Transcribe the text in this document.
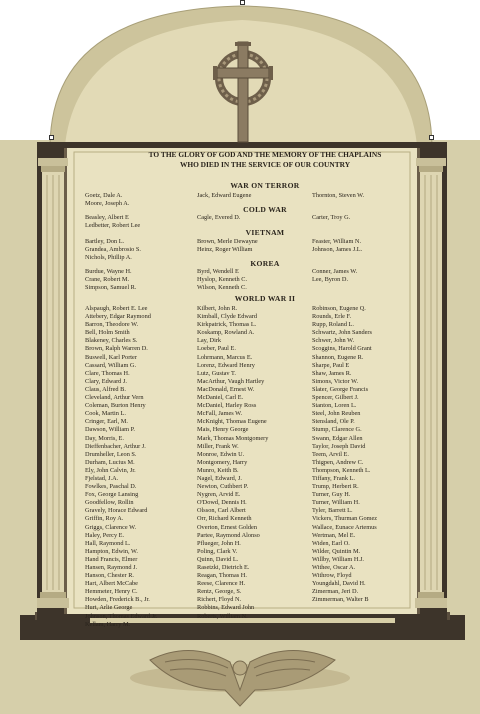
TO THE GLORY OF GOD AND THE MEMORY OF THE CHAPLAINS
WHO DIED IN THE SERVICE OF OUR COUNTRY
WAR ON TERROR
Goetz, Dale A.
Moore, Joseph A.
Jack, Edward Eugene	Thornton, Steven W.
COLD WAR
Beasley, Albert E
Ledbetter, Robert Lee
Cagle, Evered D.	Carter, Troy G.
VIETNAM
Bartley, Don L.
Grandea, Ambrosio S.
Nichols, Phillip A.
Brown, Merle Dewayne
Heinz, Roger William
Feaster, William N.
Johnson, James J.L.
KOREA
Burdue, Wayne H.
Crane, Robert M.
Simpson, Samuel R.
Byrd, Wendell E
Hyslop, Kenneth C.
Wilson, Kenneth C.
Conner, James W.
Lee, Byron D.
WORLD WAR II
Alspaugh, Robert E. Lee
Attebery, Edgar Raymond
Barron, Theodore W.
Bell, Holm Smith
Blakeney, Charles S.
Brown, Ralph Warren D.
Buswell, Karl Porter
Cassard, William G.
Clare, Thomas H.
Clary, Edward J.
Claus, Alfred B.
Cleveland, Arthur Vern
Coleman, Burton Henry
Cook, Martin L.
Cringer, Earl, M.
Dawson, William P.
Day, Morris, E.
Dieffenbacher, Arthur J.
Drumheller, Leon S.
Durham, Lucius M.
Ely, John Calvin, Jr.
Fjelstad, J.A.
Fowlkes, Paschal D.
Fox, George Lansing
Goodfellow, Rollin
Gravely, Horace Edward
Griffin, Roy A.
Griggs, Clarence W.
Haley, Percy E.
Hall, Raymond L.
Hampton, Edwin, W.
Hand Francis, Elmer
Hansen, Raymond J.
Hanson, Chester R.
Hart, Albert McCabe
Hemmeter, Henry C.
Howden, Frederick B., Jr.
Hurt, Arlie George
Johnson, Thomas Edward Jr.
Kellam, Harry M.
Kilbert, John R.
Kimball, Clyde Edward
Kirkpatrick, Thomas L.
Koskamp, Rowland A.
Lay, Dirk
Loeber, Paul E.
Lohrmann, Marcus E.
Lorenz, Edward Henry
Lutz, Gustav T.
MacArthur, Vaugh Hartley
MacDonald, Ernest W.
McDaniel, Carl E.
McDaniel, Harley Ross
McFall, James W.
McKnight, Thomas Eugene
Mais, Henry George
Mark, Thomas Montgomery
Miller, Frank W.
Monroe, Edwin U.
Montgomery, Harry
Munro, Keith B.
Nagel, Edward, J.
Newton, Cuthbert P.
Nygren, Arvid E.
O'Dowd, Dennis H.
Olsson, Carl Albert
Orr, Richard Kenneth
Overton, Ernest Golden
Partee, Raymond Alonso
Pflueger, John H.
Poling, Clark V.
Quinn, David L.
Rasetzki, Dietrich E.
Reagan, Thomas H.
Reese, Clarence H.
Rentz, George, S.
Richert, Floyd N.
Robbins, Edward John
Roberts, William N.
Robinson, Eugene Q.
Rounds, Erle F.
Rupp, Roland L.
Schwartz, John Sanders
Schwer, John W.
Scoggins, Harold Grant
Shannon, Eugene R.
Sharpe, Paul E
Shaw, James R.
Simons, Victor W.
Slater, George Francis
Spencer, Gilbert J.
Stanton, Loren L.
Steel, John Reuben
Stensland, Ole P.
Stump, Clarence G.
Swann, Edgar Allen
Taylor, Joseph David
Teem, Arvil E.
Thigpen, Andrew C.
Thompson, Kenneth L.
Tiffany, Frank L.
Trump, Herbert R.
Turner, Guy H.
Turner, William H.
Tyler, Barrett L.
Vickers, Thurman Gomez
Wallace, Eunace Artemus
Wertman, Mel E.
Widen, Earl O.
Wilder, Quintin M.
Willby, William H.J.
Withee, Oscar A.
Withrow, Floyd
Youngdahl, David H.
Zimerman, Jeri D.
Zimmerman, Walter B
